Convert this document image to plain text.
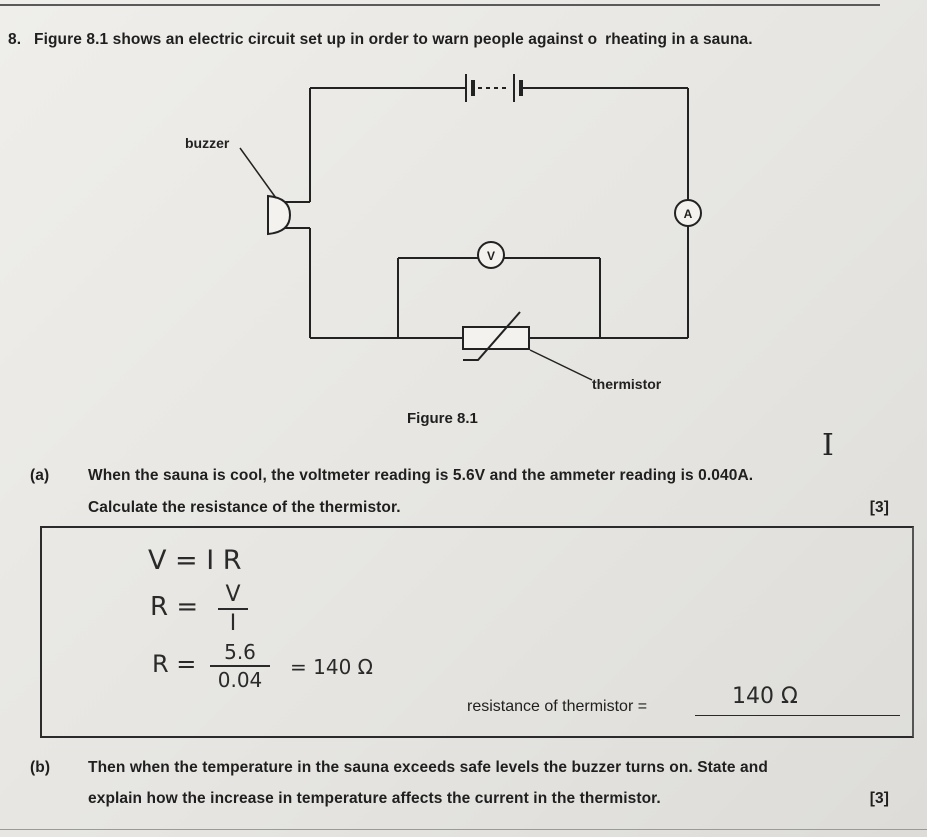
8. Figure 8.1 shows an electric circuit set up in order to warn people against o rheating in a sauna.
A
buzzer
V
thermistor
Figure 8.1
I
(a)	When the sauna is cool, the voltmeter reading is 5.6V and the ammeter reading is 0.040A.
Calculate the resistance of the thermistor.	[3]
V = I R
R =	V
I
R =	5.6
0.04
= 140 Ω
resistance of thermistor =	140 Ω
(b) Then when the temperature in the sauna exceeds safe levels the buzzer turns on. State and
explain how the increase in temperature affects the current in the thermistor.	[3]
